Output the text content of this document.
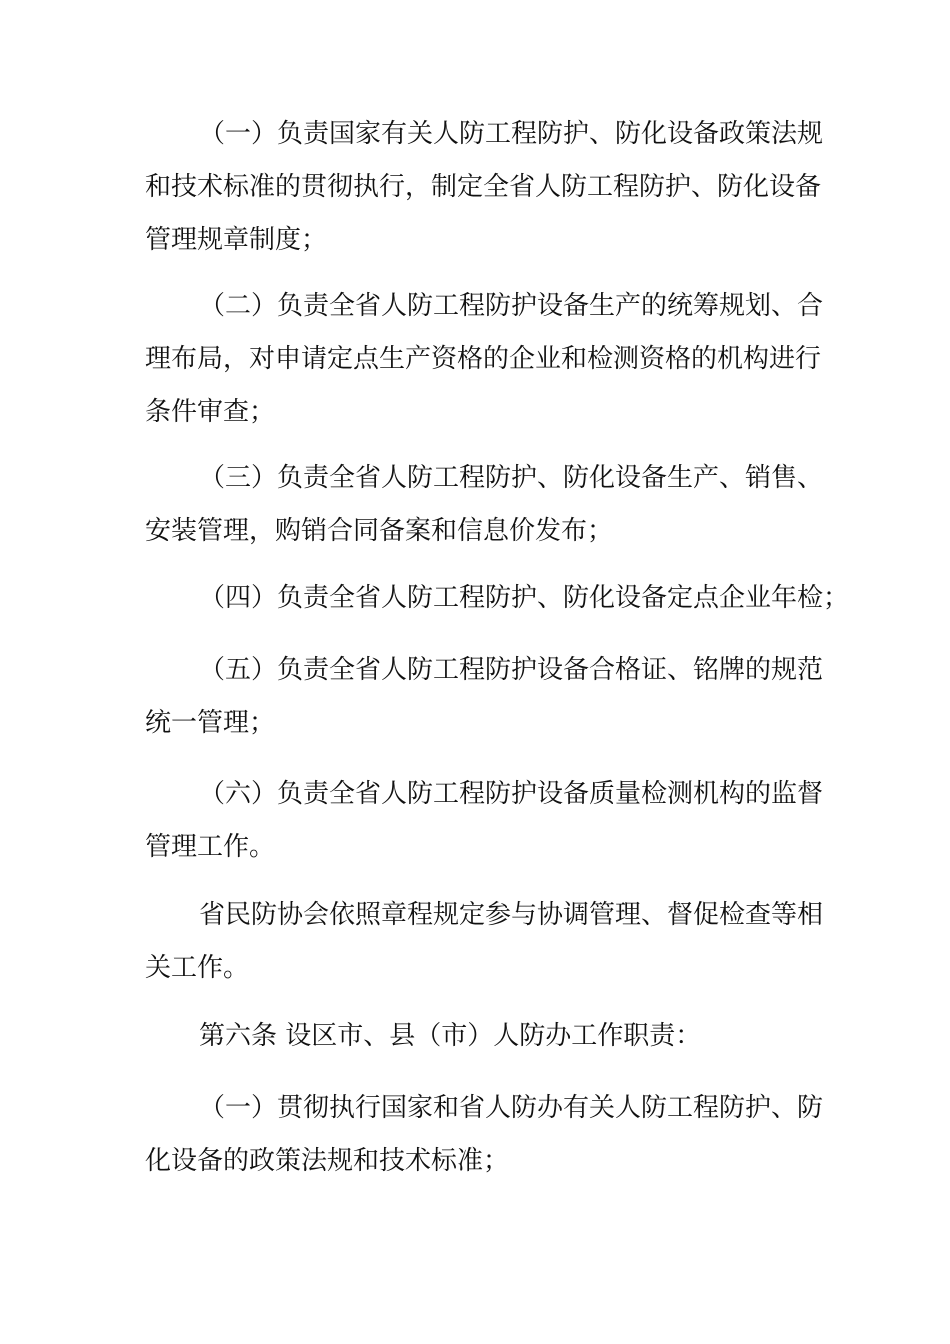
（一）负责国家有关人防工程防护、防化设备政策法规
和技术标准的贯彻执行，制定全省人防工程防护、防化设备
管理规章制度；

（二）负责全省人防工程防护设备生产的统筹规划、合
理布局，对申请定点生产资格的企业和检测资格的机构进行
条件审查；

（三）负责全省人防工程防护、防化设备生产、销售、
安装管理，购销合同备案和信息价发布；

（四）负责全省人防工程防护、防化设备定点企业年检；

（五）负责全省人防工程防护设备合格证、铭牌的规范
统一管理；

（六）负责全省人防工程防护设备质量检测机构的监督
管理工作。

省民防协会依照章程规定参与协调管理、督促检查等相
关工作。

第六条 设区市、县（市）人防办工作职责：

（一）贯彻执行国家和省人防办有关人防工程防护、防
化设备的政策法规和技术标准；
